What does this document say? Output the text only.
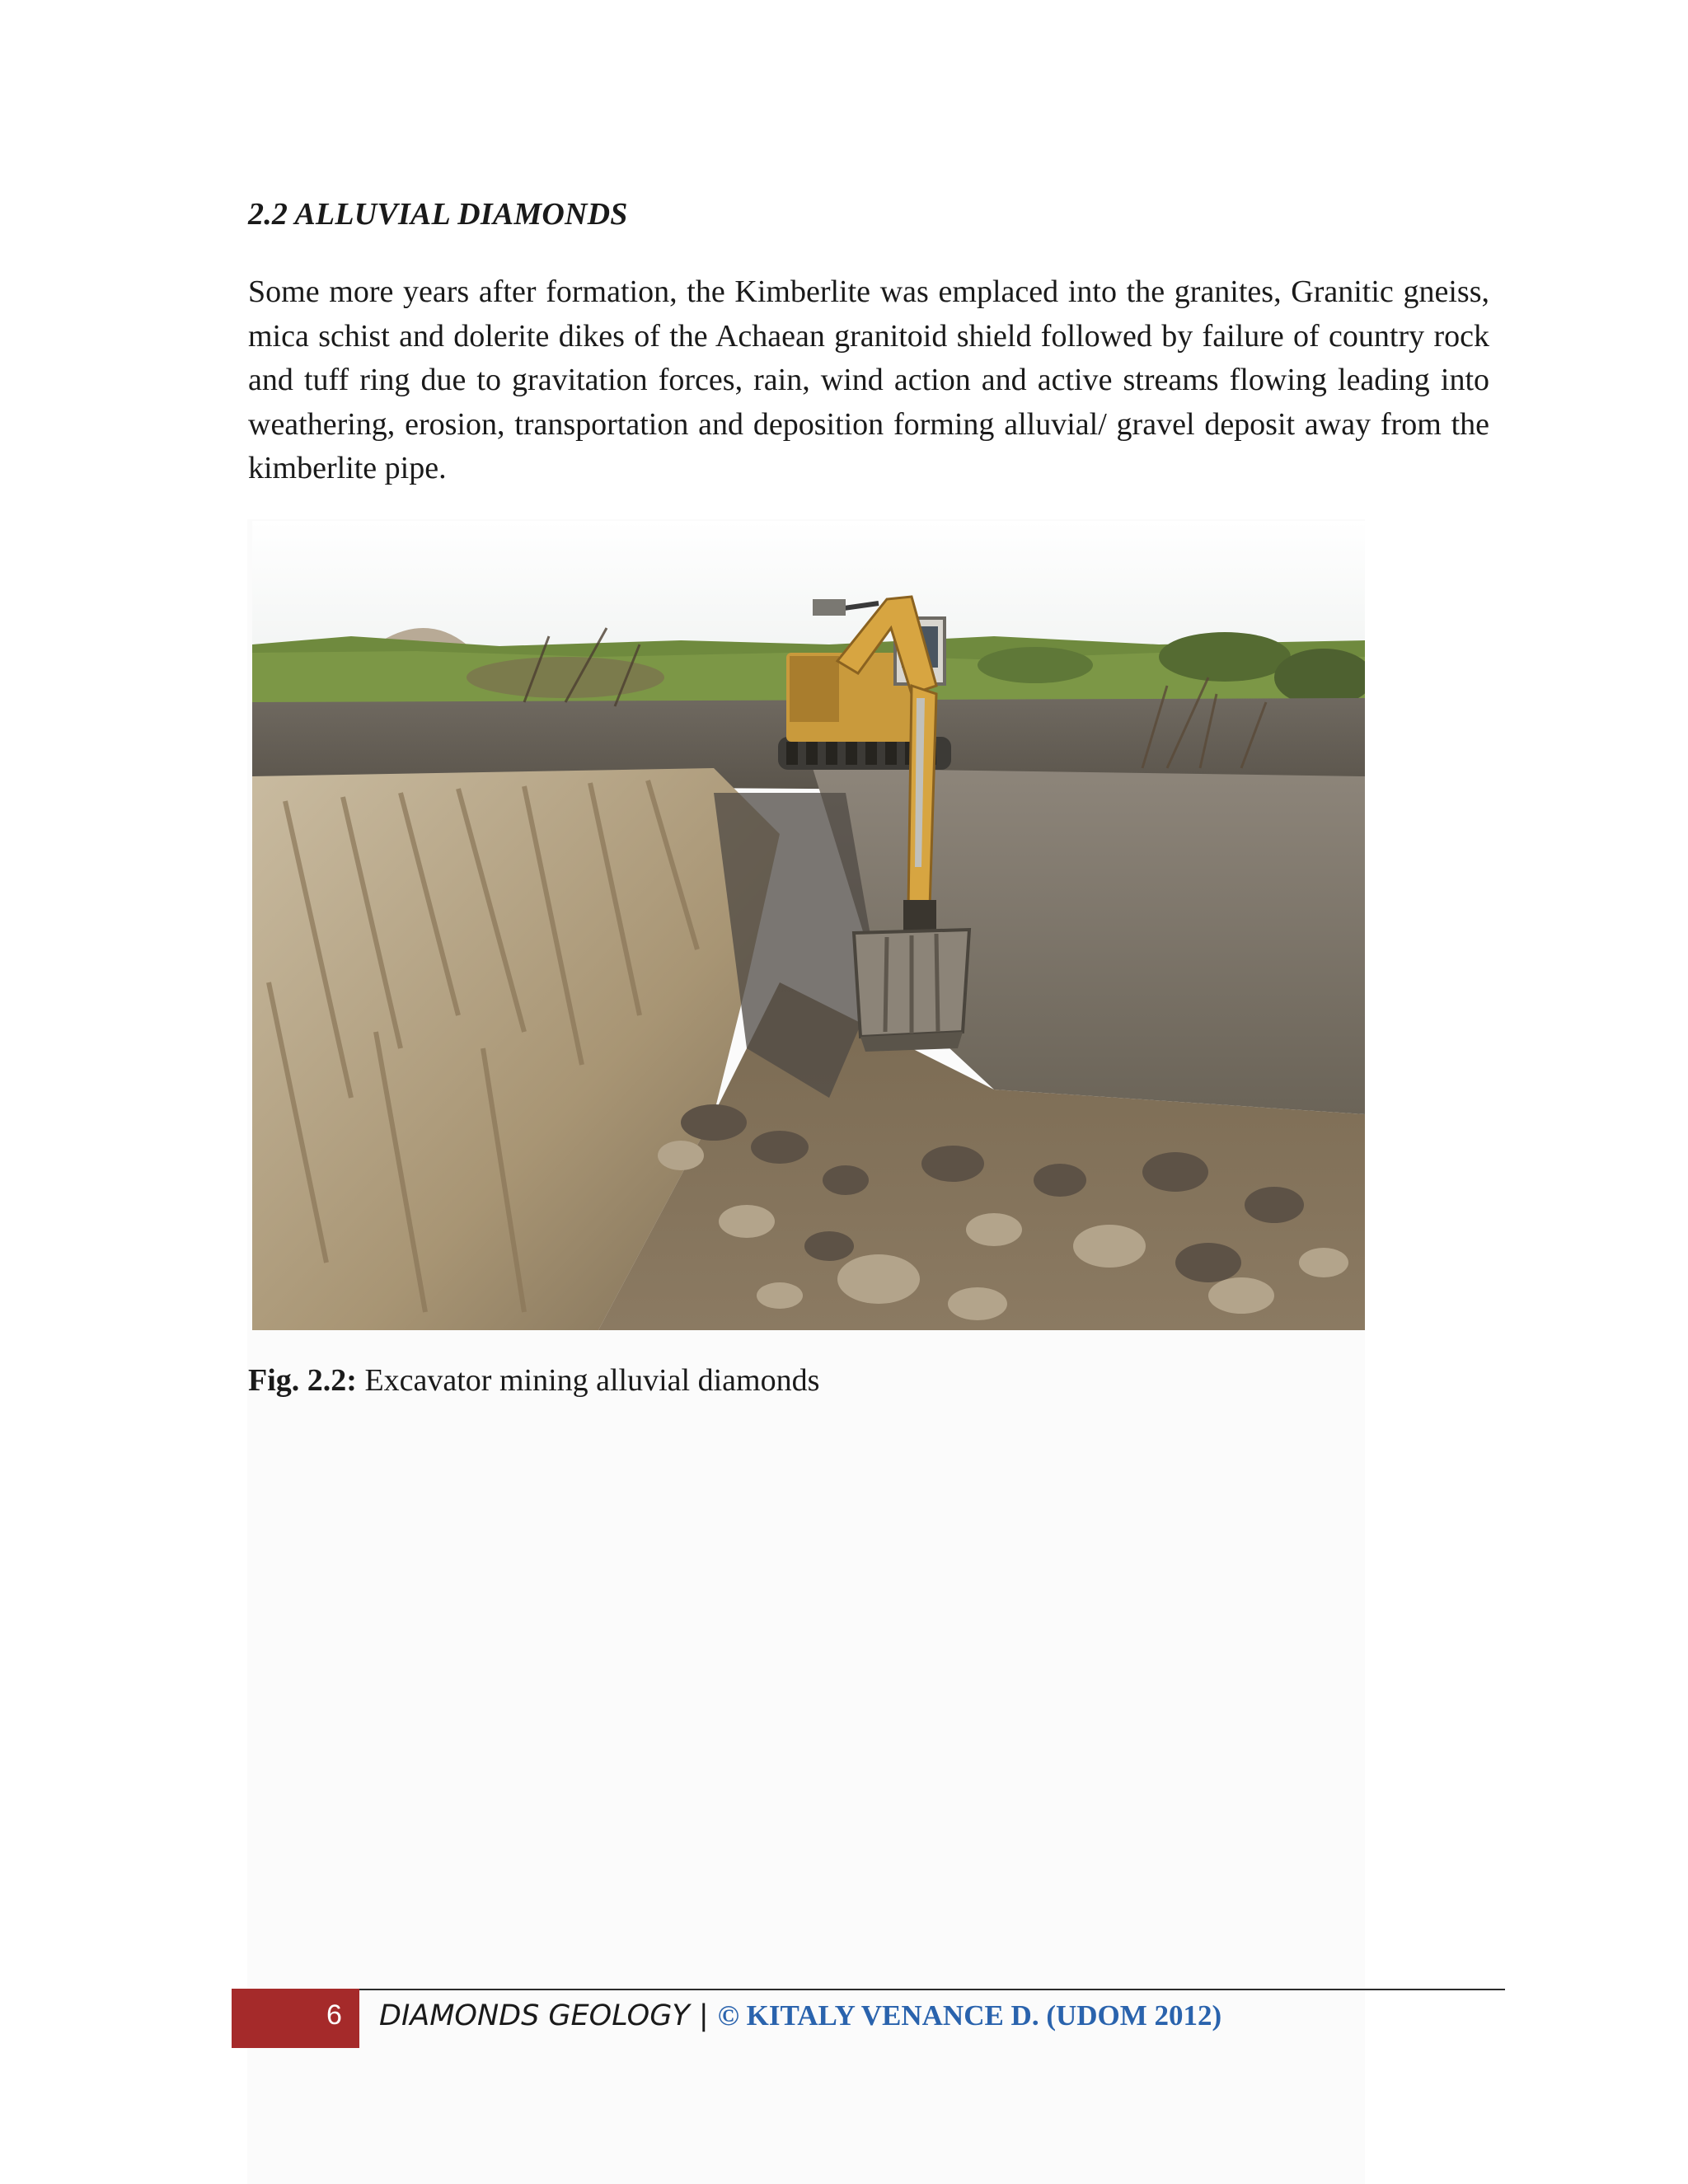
2.2 ALLUVIAL DIAMONDS

Some more years after formation, the Kimberlite was emplaced into the granites, Granitic gneiss, mica schist and dolerite dikes of the Achaean granitoid shield followed by failure of country rock and tuff ring due to gravitation forces, rain, wind action and active streams flowing leading into weathering, erosion, transportation and deposition forming alluvial/ gravel deposit away from the kimberlite pipe.

Fig. 2.2: Excavator mining alluvial diamonds

6 DIAMONDS GEOLOGY | © KITALY VENANCE D. (UDOM 2012)
